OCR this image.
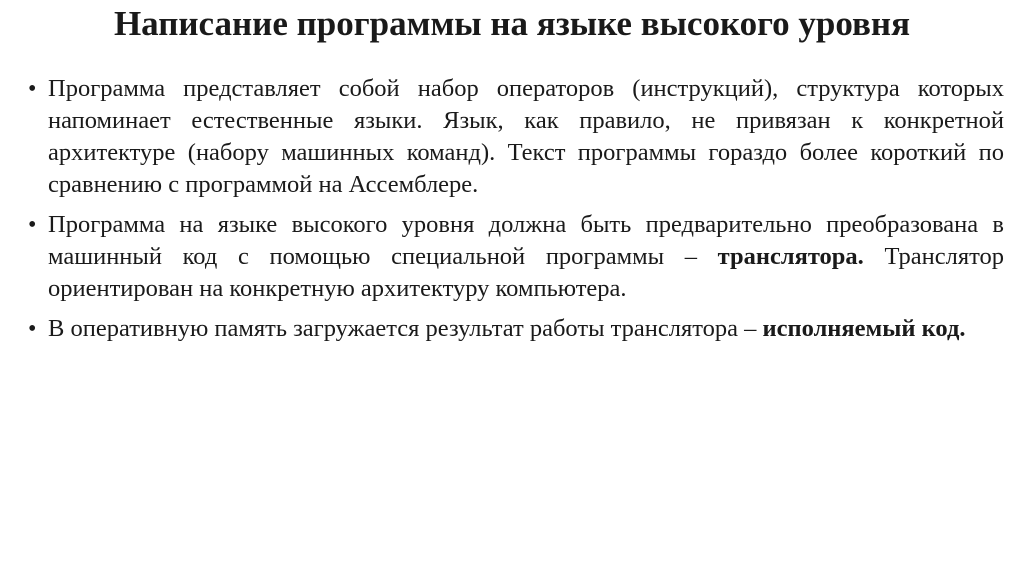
Написание программы на языке высокого уровня
• Программа представляет собой набор операторов (инструкций), структура которых напоминает естественные языки. Язык, как правило, не привязан к конкретной архитектуре (набору машинных команд). Текст программы гораздо более короткий по сравнению с программой на Ассемблере.
• Программа на языке высокого уровня должна быть предварительно преобразована в машинный код с помощью специальной программы – транслятора. Транслятор ориентирован на конкретную архитектуру компьютера.
• В оперативную память загружается результат работы транслятора – исполняемый код.
